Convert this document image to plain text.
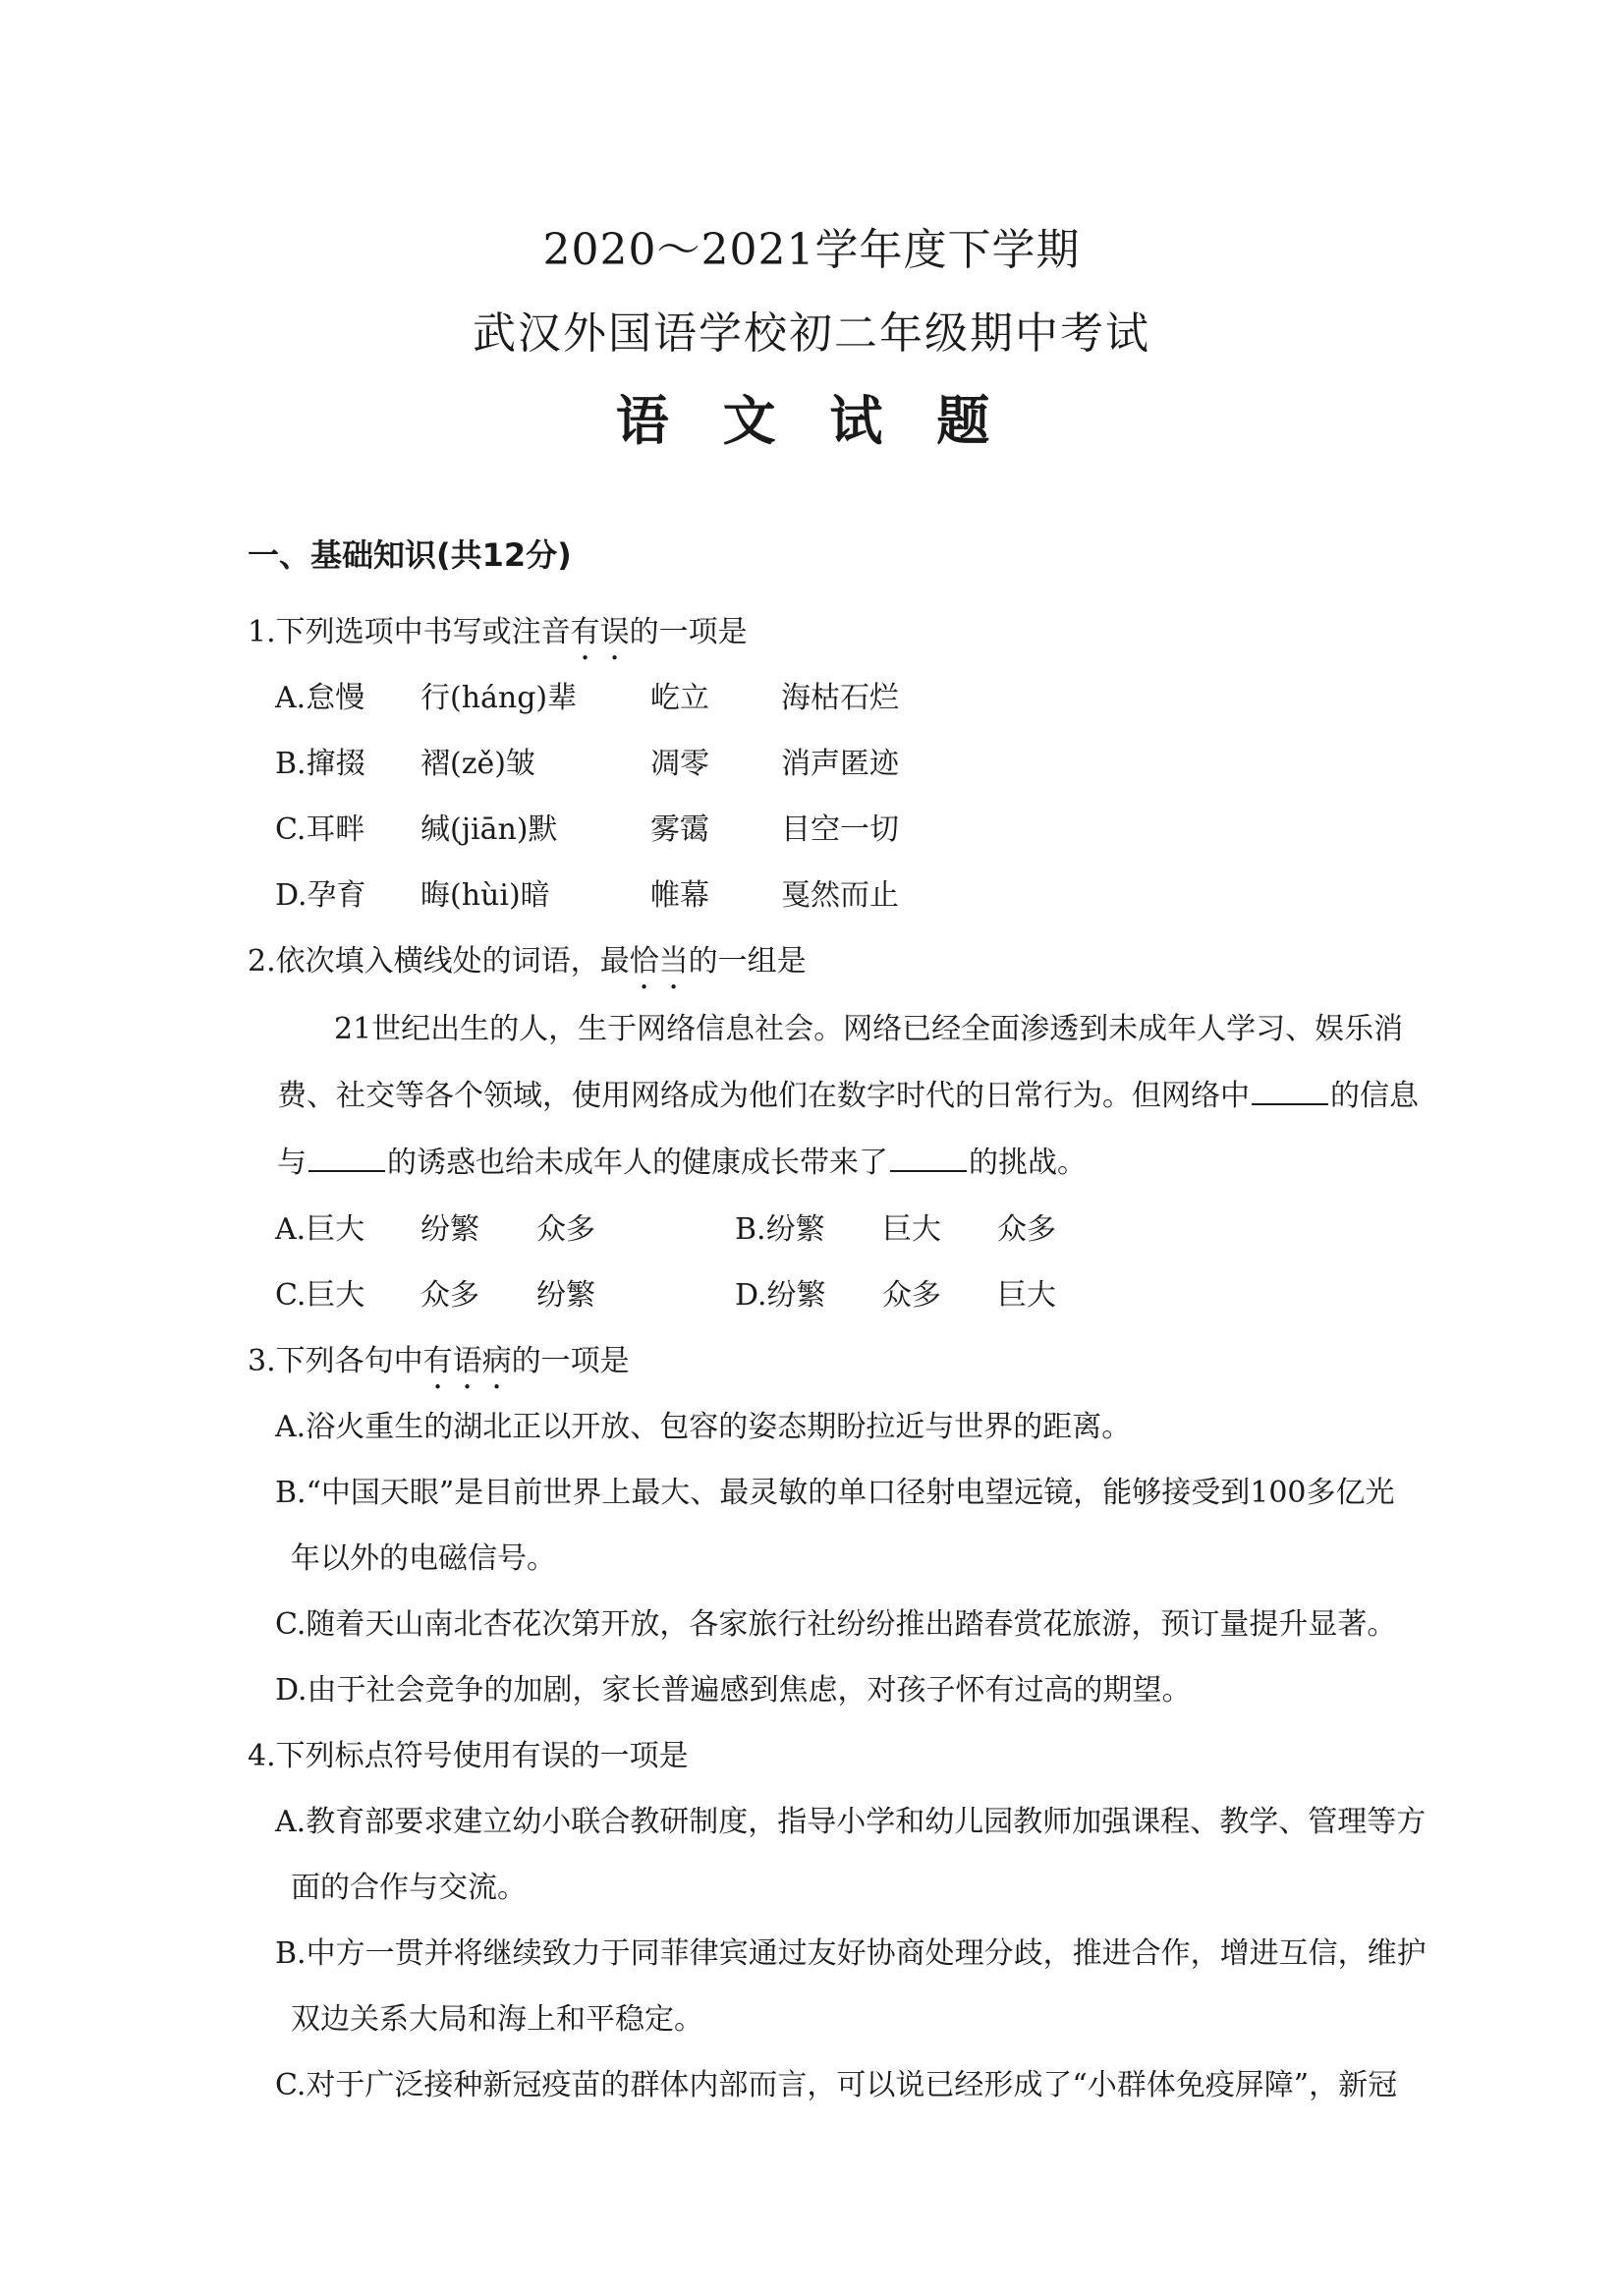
2020～2021学年度下学期
武汉外国语学校初二年级期中考试
语 文 试 题
一、基础知识(共12分)
1.下列选项中书写或注音有误的一项是
A.怠慢 行(háng)辈 屹立 海枯石烂
B.撺掇 褶(zě)皱	凋零 消声匿迹
C.耳畔 缄(jiān)默	雾霭 目空一切
D.孕育 晦(hùi)暗	帷幕 戛然而止
2.依次填入横线处的词语，最恰当的一组是
21世纪出生的人，生于网络信息社会。网络已经全面渗透到未成年人学习、娱乐消
费、社交等各个领域，使用网络成为他们在数字时代的日常行为。但网络中	的信息
与	的诱惑也给未成年人的健康成长带来了	的挑战。
A.巨大 纷繁 众多	B.纷繁 巨大 众多
C.巨大 众多 纷繁	D.纷繁 众多 巨大
3.下列各句中有语病的一项是
A.浴火重生的湖北正以开放、包容的姿态期盼拉近与世界的距离。
B.“中国天眼”是目前世界上最大、最灵敏的单口径射电望远镜，能够接受到100多亿光
年以外的电磁信号。
C.随着天山南北杏花次第开放，各家旅行社纷纷推出踏春赏花旅游，预订量提升显著。
D.由于社会竞争的加剧，家长普遍感到焦虑，对孩子怀有过高的期望。
4.下列标点符号使用有误的一项是
A.教育部要求建立幼小联合教研制度，指导小学和幼儿园教师加强课程、教学、管理等方
面的合作与交流。
B.中方一贯并将继续致力于同菲律宾通过友好协商处理分歧，推进合作，增进互信，维护
双边关系大局和海上和平稳定。
C.对于广泛接种新冠疫苗的群体内部而言，可以说已经形成了“小群体免疫屏障”，新冠
